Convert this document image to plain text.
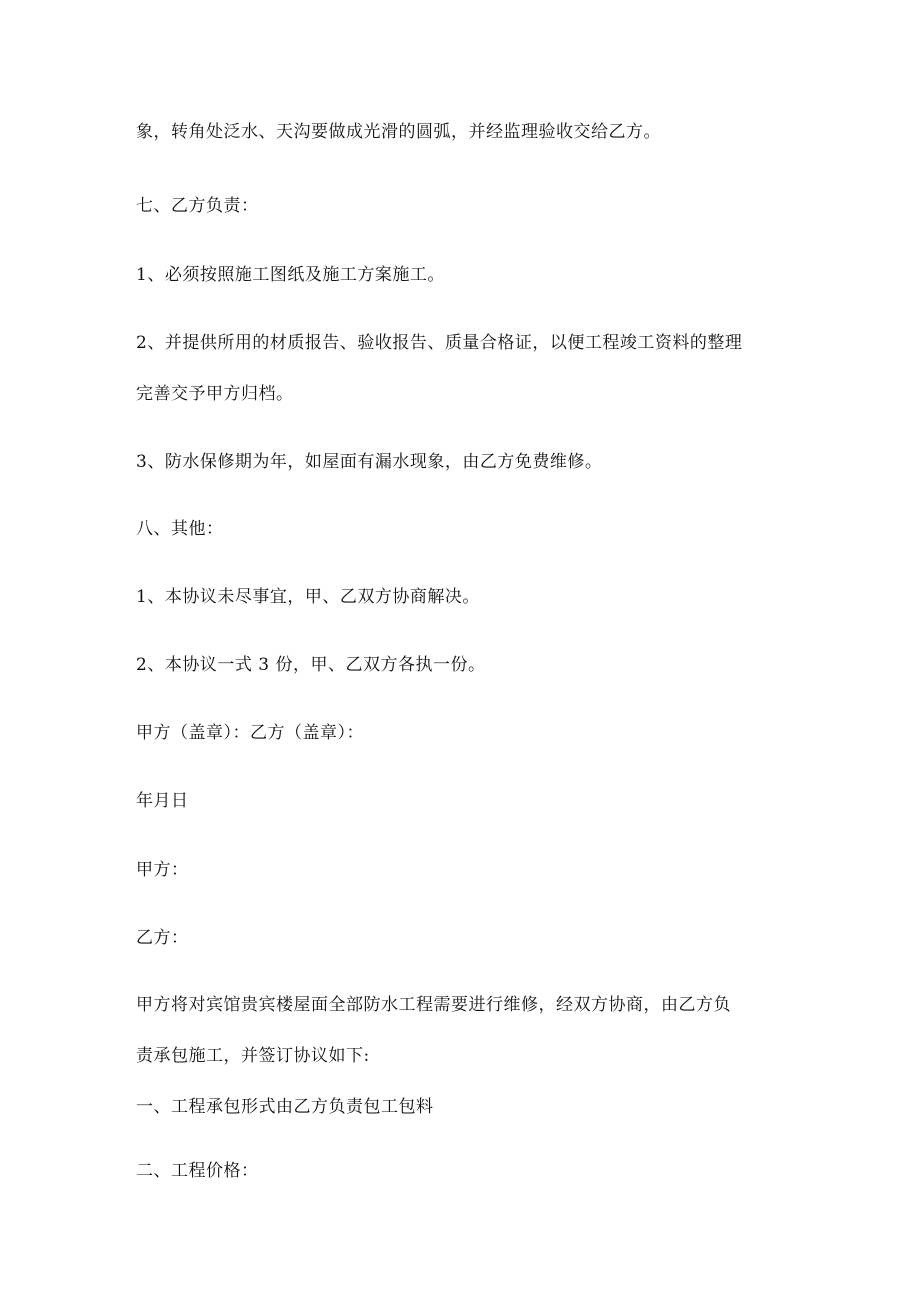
象，转角处泛水、天沟要做成光滑的圆弧，并经监理验收交给乙方。
七、乙方负责：
1、必须按照施工图纸及施工方案施工。
2、并提供所用的材质报告、验收报告、质量合格证，以便工程竣工资料的整理
完善交予甲方归档。
3、防水保修期为年，如屋面有漏水现象，由乙方免费维修。
八、其他：
1、本协议未尽事宜，甲、乙双方协商解决。
2、本协议一式 3 份，甲、乙双方各执一份。
甲方（盖章）：乙方（盖章）：
年月日
甲方：
乙方：
甲方将对宾馆贵宾楼屋面全部防水工程需要进行维修，经双方协商，由乙方负
责承包施工，并签订协议如下:
一、工程承包形式由乙方负责包工包料
二、工程价格：
